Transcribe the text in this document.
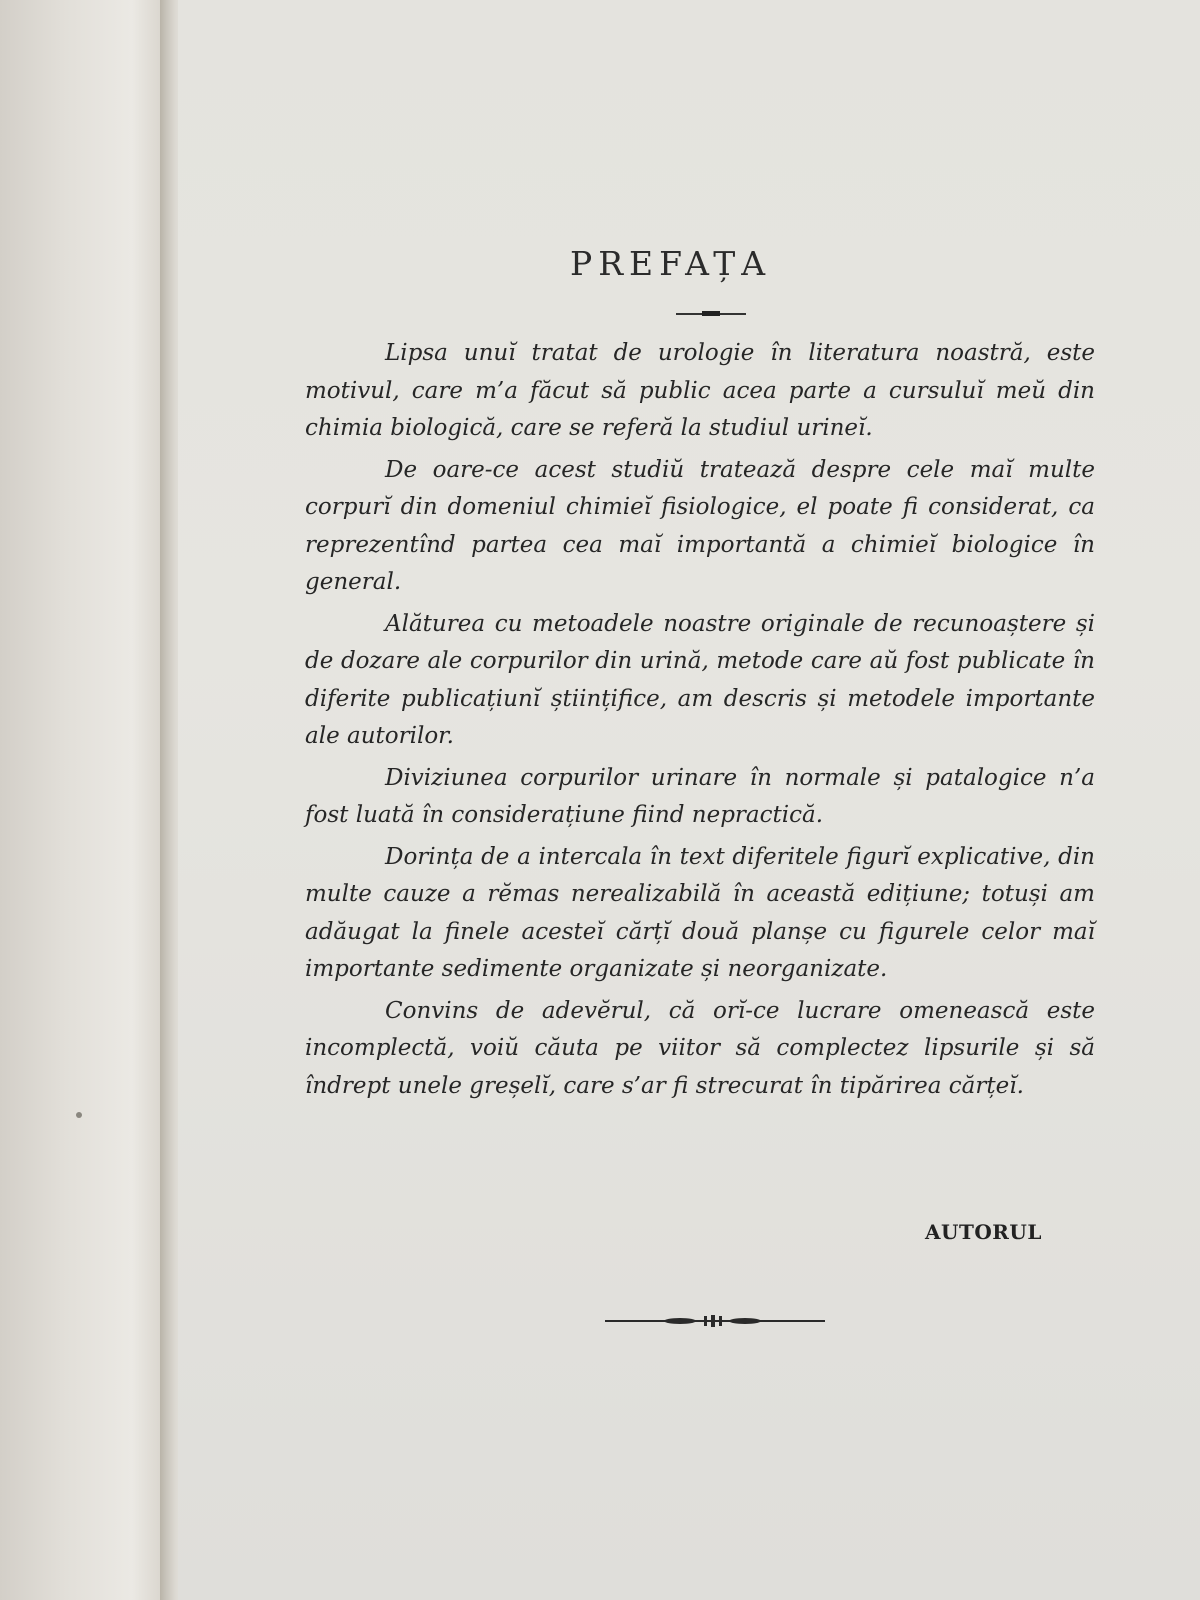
PREFAȚA

Lipsa unuĭ tratat de urologie în literatura noastră, este motivul, care m’a făcut să public acea parte a cursuluĭ meŭ din chimia biologică, care se referă la studiul urineĭ.

De oare-ce acest studiŭ tratează despre cele maĭ multe corpurĭ din domeniul chimieĭ fisiologice, el poate fi considerat, ca reprezentînd partea cea maĭ importantă a chimieĭ biologice în general.

Alăturea cu metoadele noastre originale de recunoaștere și de dozare ale corpurilor din urină, metode care aŭ fost publicate în diferite publicațiunĭ științifice, am descris și metodele importante ale autorilor.

Diviziunea corpurilor urinare în normale și patalogice n’a fost luată în considerațiune fiind nepractică.

Dorința de a intercala în text diferitele figurĭ explicative, din multe cauze a rĕmas nerealizabilă în această edițiune; totuși am adăugat la finele acesteĭ cărțĭ două planșe cu figurele celor maĭ importante sedimente organizate și neorganizate.

Convins de adevĕrul, că orĭ-ce lucrare omenească este incomplectă, voiŭ căuta pe viitor să complectez lipsurile și să îndrept unele greșelĭ, care s’ar fi strecurat în tipărirea cărțeĭ.

AUTORUL
